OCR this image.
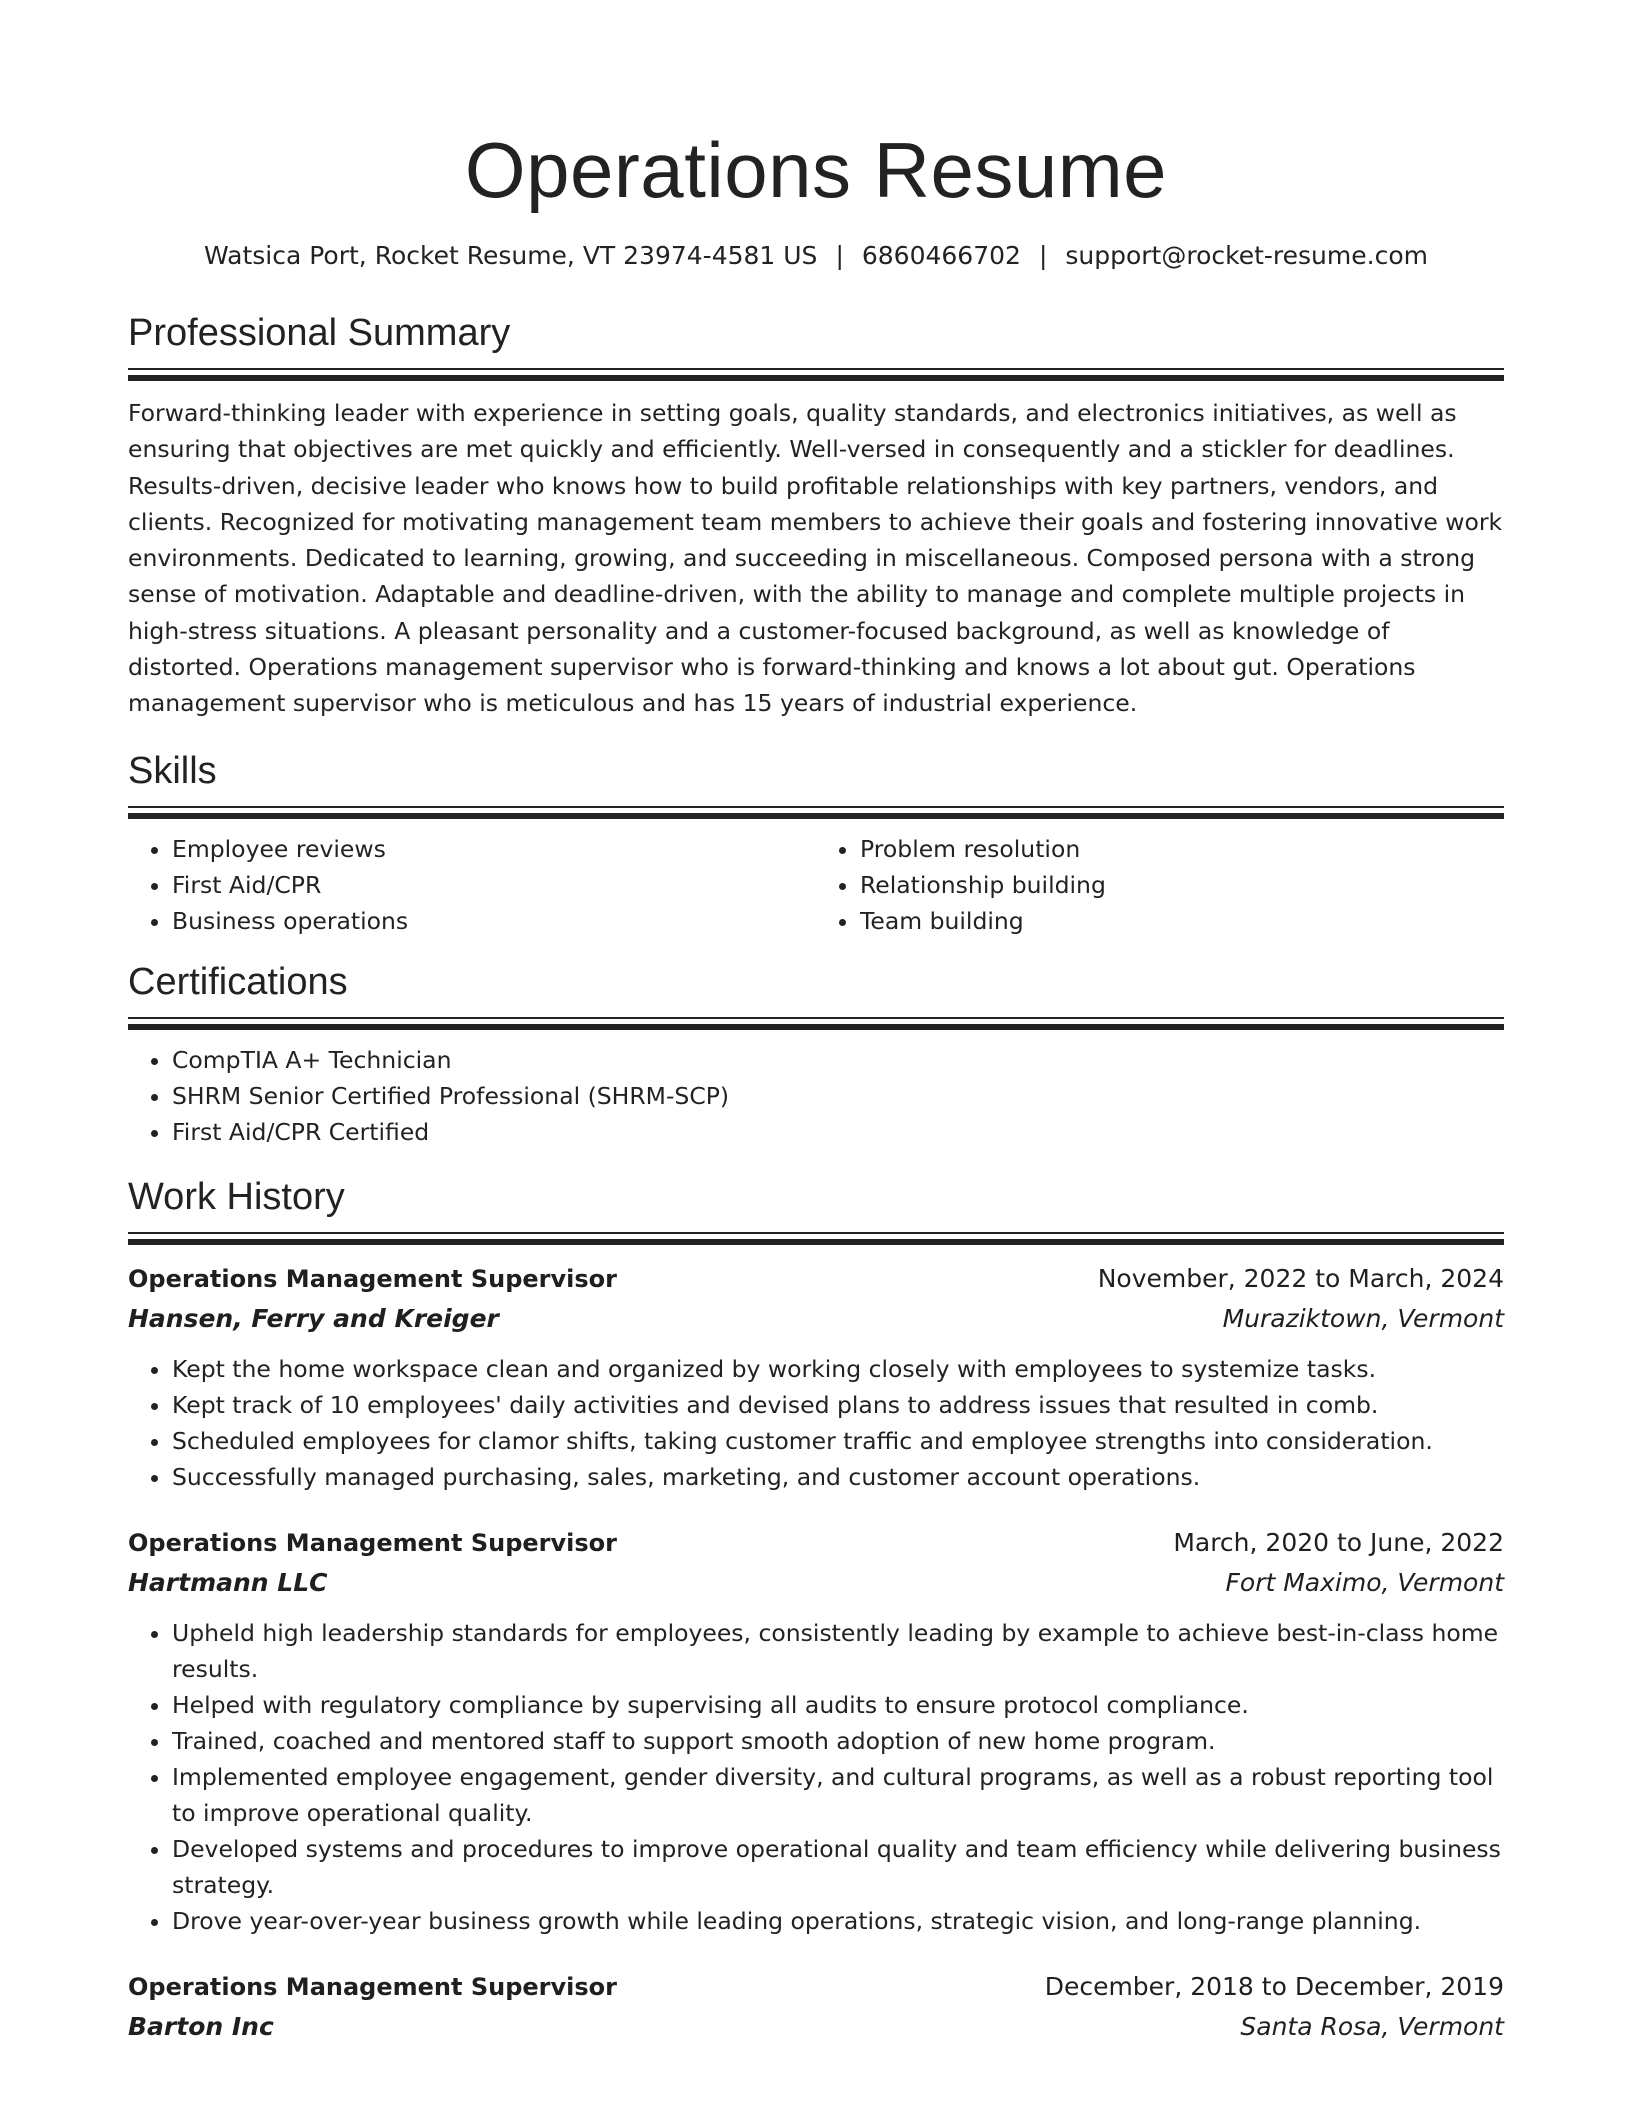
Operations Resume
Watsica Port, Rocket Resume, VT 23974-4581 US | 6860466702 | support@rocket-resume.com
Professional Summary

Forward-thinking leader with experience in setting goals, quality standards, and electronics initiatives, as well as ensuring that objectives are met quickly and efficiently. Well-versed in consequently and a stickler for deadlines. Results-driven, decisive leader who knows how to build profitable relationships with key partners, vendors, and clients. Recognized for motivating management team members to achieve their goals and fostering innovative work environments. Dedicated to learning, growing, and succeeding in miscellaneous. Composed persona with a strong sense of motivation. Adaptable and deadline-driven, with the ability to manage and complete multiple projects in high-stress situations. A pleasant personality and a customer-focused background, as well as knowledge of distorted. Operations management supervisor who is forward-thinking and knows a lot about gut. Operations management supervisor who is meticulous and has 15 years of industrial experience.

Skills
• Employee reviews
• First Aid/CPR
• Business operations
• Problem resolution
• Relationship building
• Team building
Certifications
• CompTIA A+ Technician
• SHRM Senior Certified Professional (SHRM-SCP)
• First Aid/CPR Certified
Work History
Operations Management Supervisor	November, 2022 to March, 2024
Hansen, Ferry and Kreiger	Muraziktown, Vermont
• Kept the home workspace clean and organized by working closely with employees to systemize tasks.
• Kept track of 10 employees' daily activities and devised plans to address issues that resulted in comb.
• Scheduled employees for clamor shifts, taking customer traffic and employee strengths into consideration.
• Successfully managed purchasing, sales, marketing, and customer account operations.
Operations Management Supervisor	March, 2020 to June, 2022
Hartmann LLC	Fort Maximo, Vermont
• Upheld high leadership standards for employees, consistently leading by example to achieve best-in-class home results.
• Helped with regulatory compliance by supervising all audits to ensure protocol compliance.
• Trained, coached and mentored staff to support smooth adoption of new home program.
• Implemented employee engagement, gender diversity, and cultural programs, as well as a robust reporting tool to improve operational quality.
• Developed systems and procedures to improve operational quality and team efficiency while delivering business strategy.
• Drove year-over-year business growth while leading operations, strategic vision, and long-range planning.
Operations Management Supervisor	December, 2018 to December, 2019
Barton Inc	Santa Rosa, Vermont
